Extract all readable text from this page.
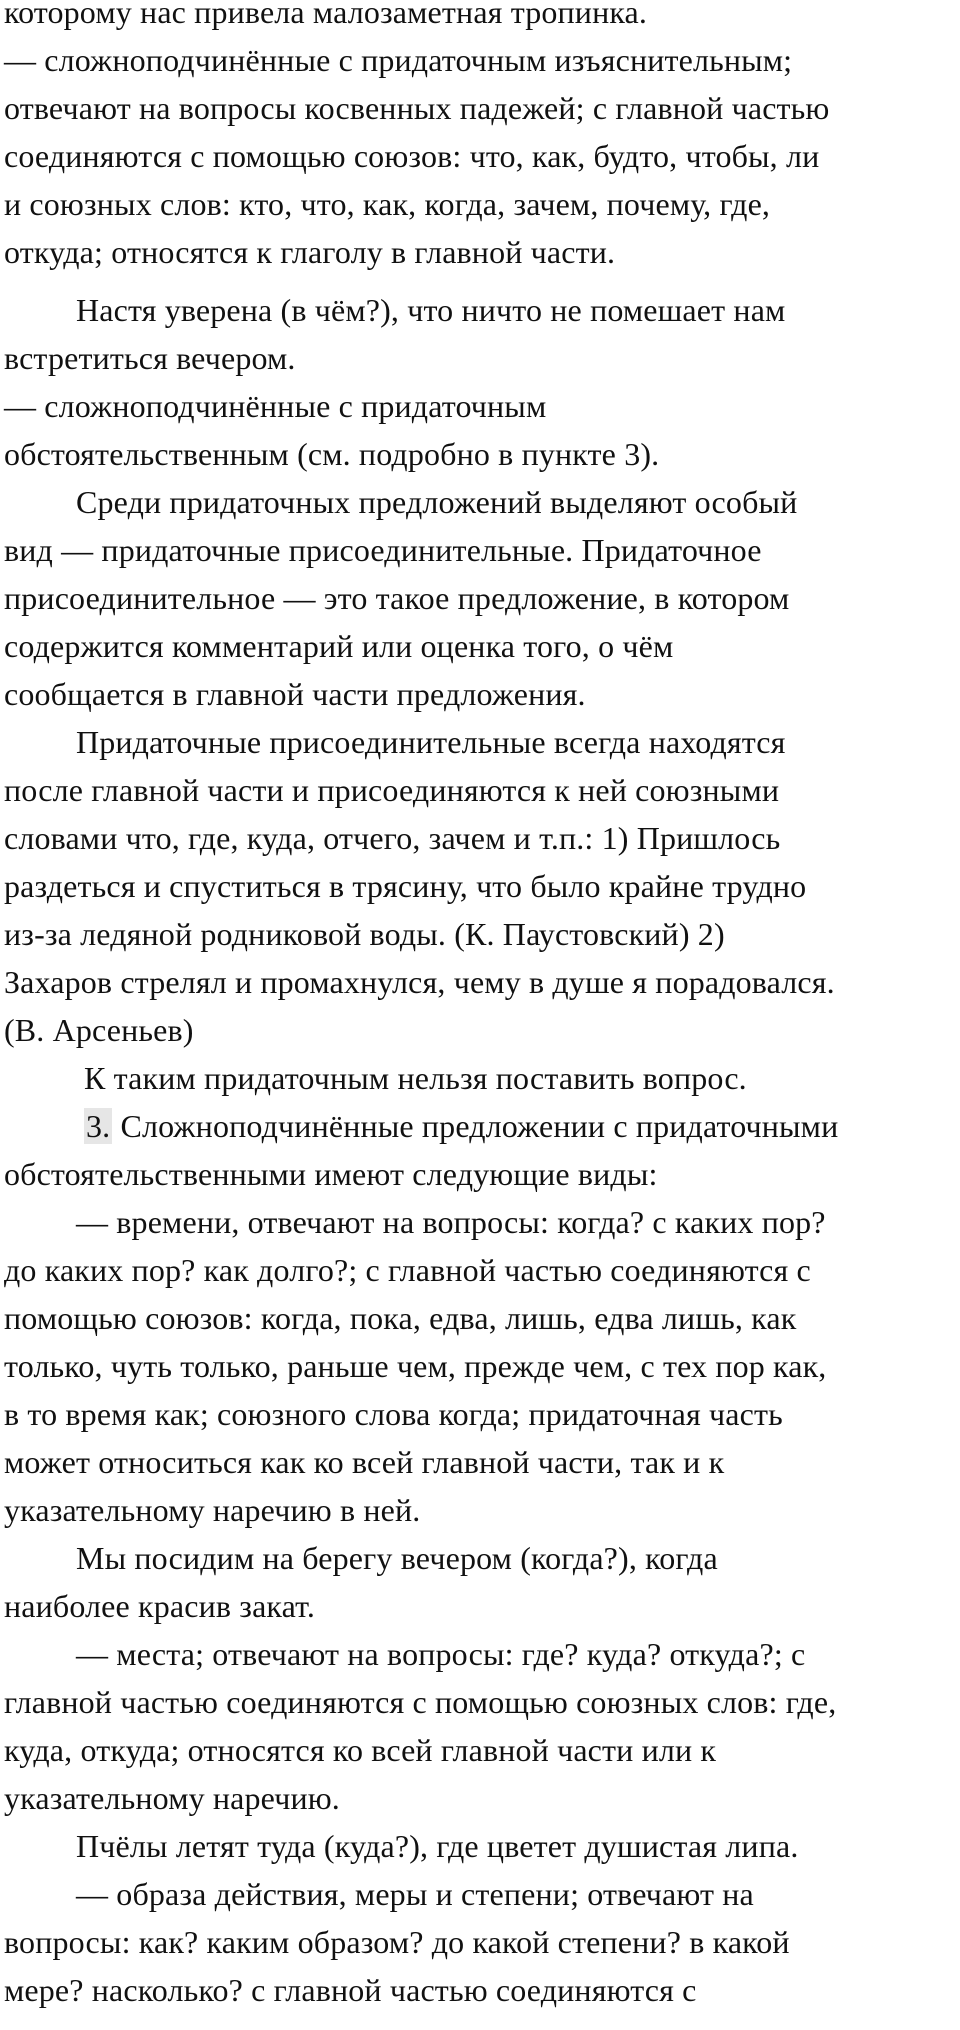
которому нас привела малозаметная тропинка.
— сложноподчинённые с придаточным изъяснительным;
отвечают на вопросы косвенных падежей; с главной частью
соединяются с помощью союзов: что, как, будто, чтобы, ли
и союзных слов: кто, что, как, когда, зачем, почему, где,
откуда; относятся к глаголу в главной части.
Настя уверена (в чём?), что ничто не помешает нам
встретиться вечером.
— сложноподчинённые с придаточным
обстоятельственным (см. подробно в пункте 3).
Среди придаточных предложений выделяют особый
вид — придаточные присоединительные. Придаточное
присоединительное — это такое предложение, в котором
содержится комментарий или оценка того, о чём
сообщается в главной части предложения.
Придаточные присоединительные всегда находятся
после главной части и присоединяются к ней союзными
словами что, где, куда, отчего, зачем и т.п.: 1) Пришлось
раздеться и спуститься в трясину, что было крайне трудно
из-за ледяной родниковой воды. (К. Паустовский) 2)
Захаров стрелял и промахнулся, чему в душе я порадовался.
(В. Арсеньев)
К таким придаточным нельзя поставить вопрос.
3. Сложноподчинённые предложении с придаточными
обстоятельственными имеют следующие виды:
— времени, отвечают на вопросы: когда? с каких пор?
до каких пор? как долго?; с главной частью соединяются с
помощью союзов: когда, пока, едва, лишь, едва лишь, как
только, чуть только, раньше чем, прежде чем, с тех пор как,
в то время как; союзного слова когда; придаточная часть
может относиться как ко всей главной части, так и к
указательному наречию в ней.
Мы посидим на берегу вечером (когда?), когда
наиболее красив закат.
— места; отвечают на вопросы: где? куда? откуда?; с
главной частью соединяются с помощью союзных слов: где,
куда, откуда; относятся ко всей главной части или к
указательному наречию.
Пчёлы летят туда (куда?), где цветет душистая липа.
— образа действия, меры и степени; отвечают на
вопросы: как? каким образом? до какой степени? в какой
мере? насколько? с главной частью соединяются с
